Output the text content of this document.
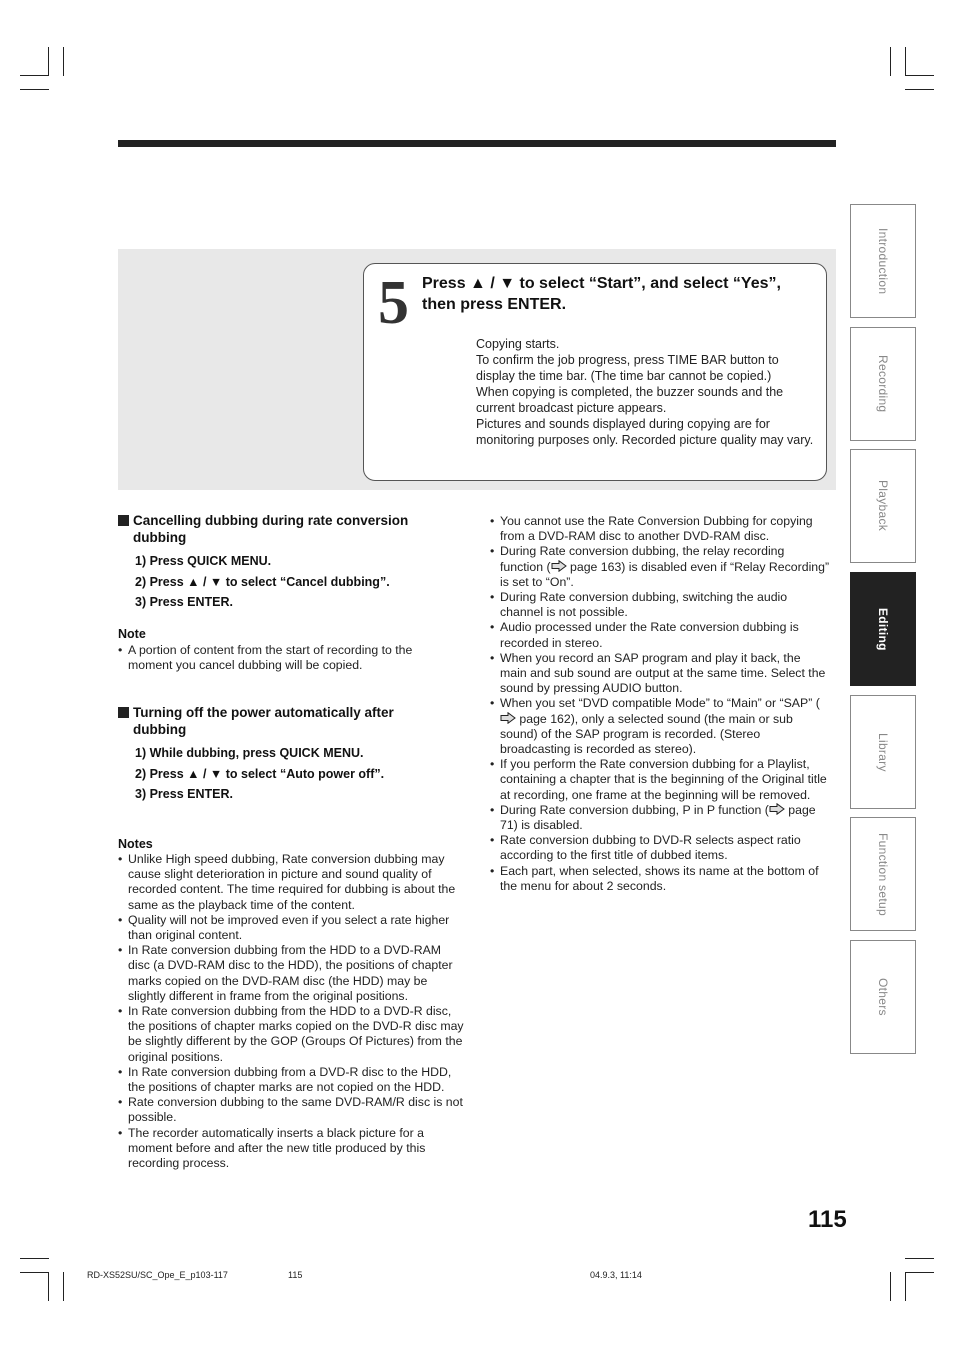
5 Press ▲ / ▼ to select “Start”, and select “Yes”,
then press ENTER.

Copying starts.

To confirm the job progress, press TIME BAR button to display the time bar. (The time bar cannot be copied.)

When copying is completed, the buzzer sounds and the current broadcast picture appears.

Pictures and sounds displayed during copying are for monitoring purposes only. Recorded picture quality may vary.

Cancelling dubbing during rate conversion
dubbing
1) Press QUICK MENU.
2) Press ▲ / ▼ to select “Cancel dubbing”.
3) Press ENTER.
Note
• A portion of content from the start of recording to the
moment you cancel dubbing will be copied.
Turning off the power automatically after
dubbing
1) While dubbing, press QUICK MENU.
2) Press ▲ / ▼ to select “Auto power off”.
3) Press ENTER.
Notes
• Unlike High speed dubbing, Rate conversion dubbing may cause slight deterioration in picture and sound quality of recorded content. The time required for dubbing is about the same as the playback time of the content.
• Quality will not be improved even if you select a rate higher than original content.
• In Rate conversion dubbing from the HDD to a DVD-RAM disc (a DVD-RAM disc to the HDD), the positions of chapter marks copied on the DVD-RAM disc (the HDD) may be slightly different in frame from the original positions.
• In Rate conversion dubbing from the HDD to a DVD-R disc, the positions of chapter marks copied on the DVD-R disc may be slightly different by the GOP (Groups Of Pictures) from the original positions.
• In Rate conversion dubbing from a DVD-R disc to the HDD, the positions of chapter marks are not copied on the HDD.
• Rate conversion dubbing to the same DVD-RAM/R disc is not possible.
• The recorder automatically inserts a black picture for a moment before and after the new title produced by this recording process.
• You cannot use the Rate Conversion Dubbing for copying from a DVD-RAM disc to another DVD-RAM disc.
• During Rate conversion dubbing, the relay recording function ( page 163) is disabled even if “Relay Recording” is set to “On”.
• During Rate conversion dubbing, switching the audio channel is not possible.
• Audio processed under the Rate conversion dubbing is recorded in stereo.
• When you record an SAP program and play it back, the main and sub sound are output at the same time. Select the sound by pressing AUDIO button.
• When you set “DVD compatible Mode” to “Main” or “SAP” ( page 162), only a selected sound (the main or sub sound) of the SAP program is recorded. (Stereo broadcasting is recorded as stereo).
• If you perform the Rate conversion dubbing for a Playlist, containing a chapter that is the beginning of the Original title at recording, one frame at the beginning will be removed.
• During Rate conversion dubbing, P in P function ( page 71) is disabled.
• Rate conversion dubbing to DVD-R selects aspect ratio according to the first title of dubbed items.
• Each part, when selected, shows its name at the bottom of the menu for about 2 seconds.
Introduction
Recording
Playback
Editing
Library
Function setup
Others
115
RD-XS52SU/SC_Ope_E_p103-117	115	04.9.3, 11:14
